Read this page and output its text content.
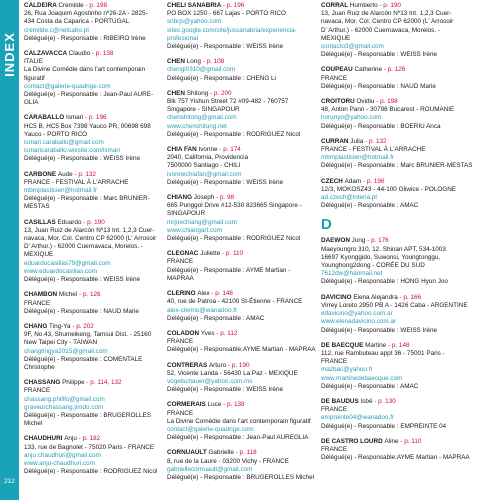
INDEX
212
CALDEIRA Cremilde - p. 198
26, Rua Joaquim Agostinho nº26-2A - 2825-
434 Costa da Caparica - PORTUGAL
cremilde.c@netcabo.pt
Délégué(e) - Responsable : RIBEIRO Irène
CALZAVACCA Claudio - p. 138
ITALIE
La Divine Comédie dans l'art contemporain figuratif
contact@galerie-quadrige.com
Délégué(e) - Responsable : Jean-Paul AURE-
GLIA
CARABALLO Ismari - p. 196
HC5 B, HC5 Box 7398 Yauco PR, 00698 698
Yauco - PORTO RICO
ismari.caraballo@gmail.com
ismaricaraballo.wixsite.com/ismari
Délégué(e) - Responsable : WEISS Irène
CARBONE Aude - p. 132
FRANCE - FESTIVAL À L'ARRACHE
mbmplasticien@hotmail.fr
Délégué(e) - Responsable : Marc BRUNIER-
MESTAS
CASILLAS Eduardo - p. 190
13, Juan Ruiz de Alarcón Nº13 Int. 1,2,3 Cuer-
navaca, Mor. Col. Centro CP 62000 (L' Arrosoir
D' Arthur.) - 62000 Cuernavaca, Morelos. -
MEXIQUE
eduardocasillas79@gmail.com
www.eduardocasillas.com
Délégué(e) - Responsable : WEISS Irène
CHAMBON Michel - p. 126
FRANCE
Délégué(e) - Responsable : NAUD Marie
CHANG Ting-Ya - p. 202
9F, No.43, Shumeikeng, Tamsui Dist. - 25160
New Taipei City - TAIWAN
changtingya2015@gmail.com
Délégué(e) - Responsable : COMENTALE Christophe
CHASSANG Philippe - p. 114, 132
FRANCE
chassang.phillfo@gmail.com
graveurchassang.jimdo.com
Délégué(e) - Responsable : BRUGEROLLES Michel
CHAUDHURI Anju - p. 182
133, rue de Bagnolet - 75020 Paris - FRANCE
anju.chaudhuri@gmail.com
www.anju-chaudhuri.com
Délégué(e) - Responsable : RODRIGUEZ Nicol
CHELI SANABRIA - p. 196
PO BOX 1250 - 667 Lajas - PORTO RICO
snbrjs@yahoo.com
sites.google.com/site/jussanabria/experiencia-
profesional
Délégué(e) - Responsable : WEISS Irène
CHEN Long - p. 108
chengl0310@gmail.com
Délégué(e) - Responsable : CHENG Li
CHEN Shitong - p. 200
Blk 757 Yishun Street 72 #09-482 - 760757
Singapore - SINGAPOUR
chenshitong@gmail.com
www.chenshitong.net
Délégué(e) - Responsable : RODRIGUEZ Nicol
CHIA FAN Ivonne - p. 174
2040, California, Providencia
7500000 Santiago - CHILI
ivonnechiafan@gmail.com
Délégué(e) - Responsable : WEISS Irène
CHIANG Joseph - p. 98
665 Punggol Drive #12-530 823665 Singapore -
SINGAPOUR
mrjoechiang@gmail.com
www.chiangart.com
Délégué(e) - Responsable : RODRIGUEZ Nicol
CLEGNAC Juliette - p. 110
FRANCE
Délégué(e) - Responsable : AYME Martian - MAPRAA
CLERINO Alex - p. 148
40, rue de Patroa - 42100 St-Étienne - FRANCE
alex-clerino@wanadoo.fr
Délégué(e) - Responsable : AMAC
COLADON Yves - p. 112
FRANCE
Délégué(e) - Responsable:AYME Martian - MAPRAA
CONTRERAS Arturo - p. 190
52, Vicente Landa - 56430 La Paz - MEXIQUE
vogelschauer@yahoo.com.mx
Délégué(e) - Responsable : WEISS Irène
CORMERAIS Luce - p. 138
FRANCE
La Divine Comédie dans l'art contemporain figuratif
contact@galerie-quadrige.com
Délégué(e) - Responsable : Jean-Paul AUREGLIA
CORNUAULT Gabrielle - p. 118
8, rue de la Laure - 03200 Vichy - FRANCE
gabriellecornuault@gmail.com
Délégué(e) - Responsable : BRUGEROLLES Michel
CORRAL Humberto - p. 190
13, Juan Ruiz de Alarcón Nº13 Int. 1,2,3 Cuer-
navaca, Mor. Col. Centro CP 62000 (L' Arrosoir
D' Arthur.) - 62000 Cuernavaca, Morelos. -
MEXIQUE
contacto3@gmail.com
Délégué(e) - Responsable : WEISS Irène
COUPEAU Catherine - p. 126
FRANCE
Délégué(e) - Responsable : NAUD Marie
CROITORU Ovidiu - p. 198
48, Anton Pann - 30796 Bucarest - ROUMANIE
horunyo@yahoo.com
Délégué(e) - Responsable : BOERIU Anca
CURRAN Julia - p. 132
FRANCE - FESTIVAL À L'ARRACHE
mbmplasticien@hotmail.fr
Délégué(e) - Responsable : Marc BRUNIER-MESTAS
CZECH Adam - p. 196
12/3, MOKOSZ43 - 44-100 Gliwice - POLOGNE
ad.czech@interia.pl
Délégué(e) - Responsable : AMAC
D
DAEWON Jung - p. 176
Maeyoungro 310, 12. Shinan APT, 534-1003
16697 Kyonggido, Suwonsi, Youngtonggu,
Younghong2dong - CORÉE DU SUD
7612dw@hanmail.net
Délégué(e) - Responsable : HONG Hyun Joo
DAVICINO Elena Alejandra - p. 166
Virrey Loreto 2950 PB A - 1426 Caba - ARGENTINE
edavicino@yahoo.com.ar
www.elenadavicino.com.ar
Délégué(e) - Responsable : WEISS Irène
DE BAECQUE Martine - p. 148
112, rue Rambuteau appt 36 - 75001 Paris -
FRANCE
mazbac@yahoo.fr
www.martinedebaecque.com
Délégué(e) - Responsable : AMAC
DE BAUDUS Isbé - p. 130
FRANCE
empreinte04@wanadoo.fr
Délégué(e) - Responsable : EMPREINTE 04
DE CASTRO LOURD Aline - p. 110
FRANCE
Délégué(e) - Responsable:AYME Martian - MAPRAA
